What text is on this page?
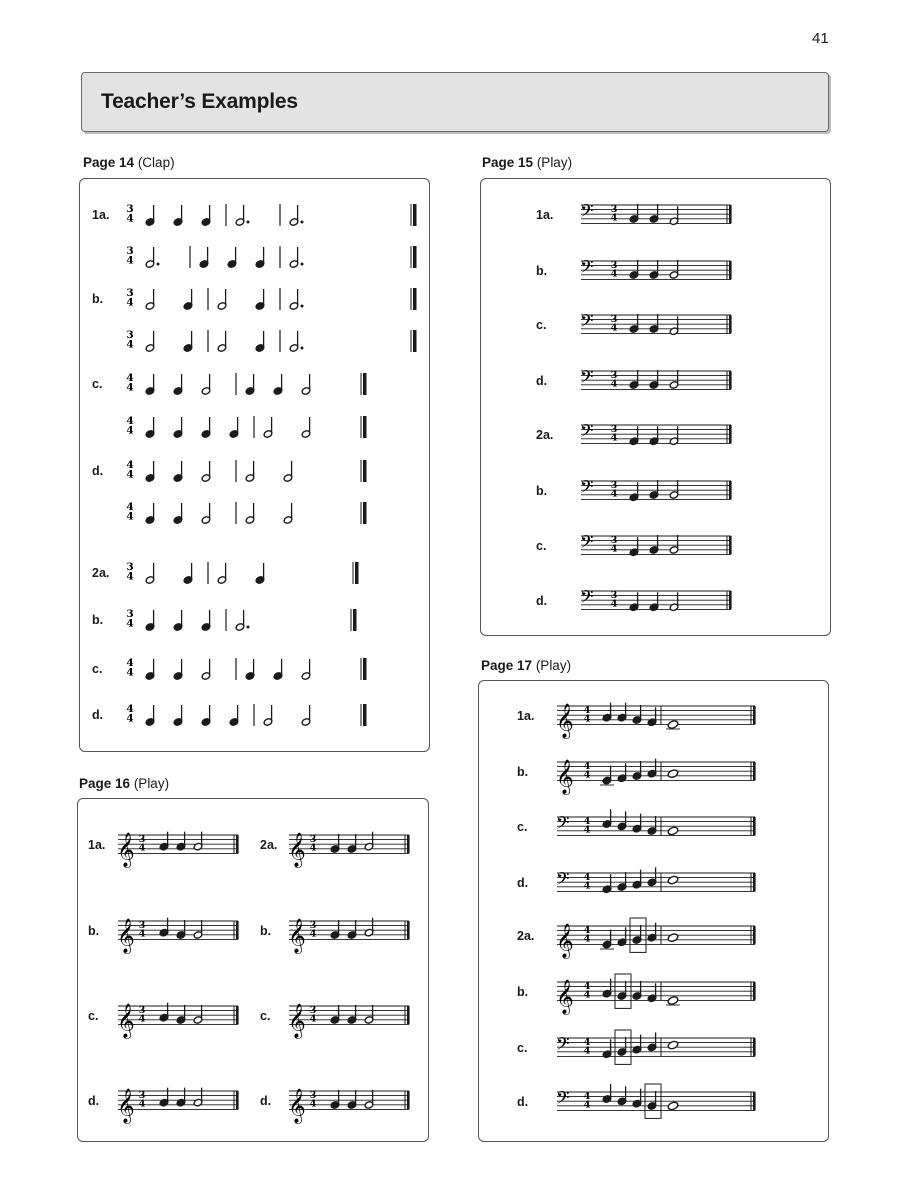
41
Teacher’s Examples
Page 14 (Clap)	Page 15 (Play)
Page 16 (Play)
Page 17 (Play)
1a. 3
4
3
4
b. 3
4
3
4
c. 4
4
4
4
d. 4
4
4
4
2a. 3
4
b. 3
4
c. 4
4
d. 4
4
1a. 𝄢 3
4
b. 𝄢 3
4
c. 𝄢 3
4
d. 𝄢 3
4
2a. 𝄢 3
4
b. 𝄢 3
4
c. 𝄢 3
4
d. 𝄢 3
4
1a. 𝄞 3
4	2a. 𝄞 3
4
b. 𝄞 3
4	b. 𝄞 3
4
c. 𝄞 3
4	c. 𝄞 3
4
d. 𝄞 3
4	d. 𝄞 3
4
1a. 𝄞 4
4
b. 𝄞 4
4
c. 𝄢 4
4
d. 𝄢 4
4
2a. 𝄞 4
4
b. 𝄞 4
4
c. 𝄢 4
4
d. 𝄢 4
4
